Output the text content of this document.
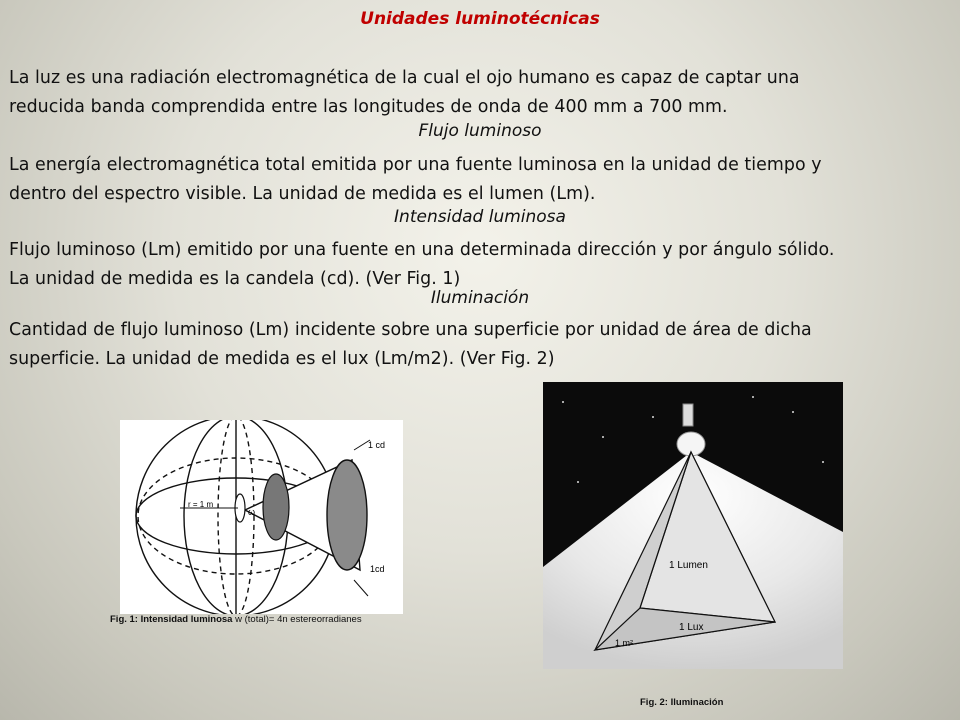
Unidades luminotécnicas
La luz es una radiación electromagnética de la cual el ojo humano es capaz de captar una
reducida banda comprendida entre las longitudes de onda de 400 mm a 700 mm.
Flujo luminoso
La energía electromagnética total emitida por una fuente luminosa en la unidad de tiempo y
dentro del espectro visible. La unidad de medida es el lumen (Lm).
Intensidad luminosa
Flujo luminoso (Lm) emitido por una fuente en una determinada dirección y por ángulo sólido.
La unidad de medida es la candela (cd). (Ver Fig. 1)
Iluminación
Cantidad de flujo luminoso (Lm) incidente sobre una superficie por unidad de área de dicha
superficie. La unidad de medida es el lux (Lm/m2). (Ver Fig. 2)
1 cd
1cd
r = 1 m
ω
Fig. 1: Intensidad luminosa w (total)= 4n estereorradianes
1 Lumen
1 Lux
1 m²
Fig. 2: Iluminación
